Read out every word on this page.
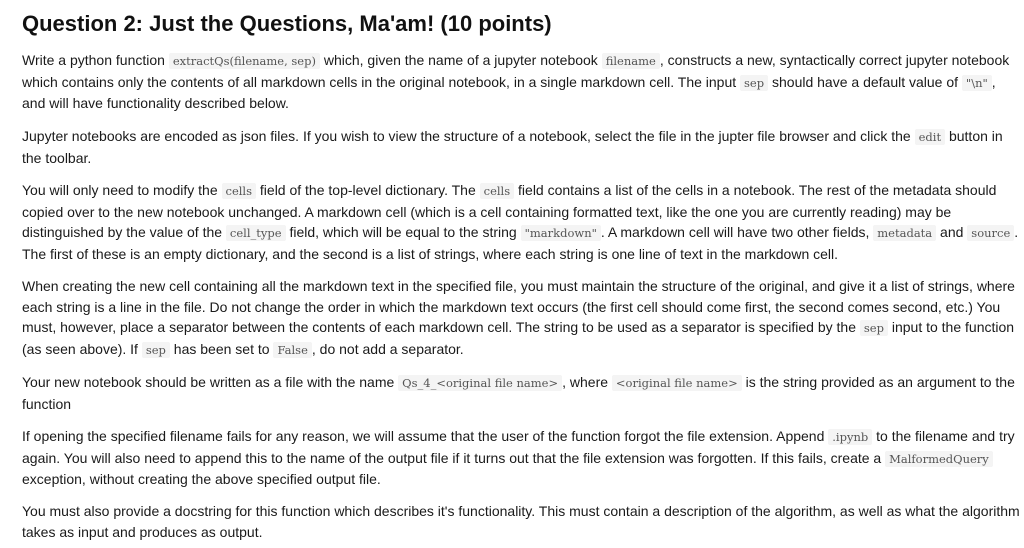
Question 2: Just the Questions, Ma'am! (10 points)

Write a python function extractQs(filename, sep) which, given the name of a jupyter notebook filename , constructs a new, syntactically correct jupyter notebook which contains only the contents of all markdown cells in the original notebook, in a single markdown cell. The input sep should have a default value of "\n" , and will have functionality described below.

Jupyter notebooks are encoded as json files. If you wish to view the structure of a notebook, select the file in the jupter file browser and click the edit button in the toolbar.

You will only need to modify the cells field of the top-level dictionary. The cells field contains a list of the cells in a notebook. The rest of the metadata should copied over to the new notebook unchanged. A markdown cell (which is a cell containing formatted text, like the one you are currently reading) may be distinguished by the value of the cell_type field, which will be equal to the string "markdown" . A markdown cell will have two other fields, metadata and source . The first of these is an empty dictionary, and the second is a list of strings, where each string is one line of text in the markdown cell.

When creating the new cell containing all the markdown text in the specified file, you must maintain the structure of the original, and give it a list of strings, where each string is a line in the file. Do not change the order in which the markdown text occurs (the first cell should come first, the second comes second, etc.) You must, however, place a separator between the contents of each markdown cell. The string to be used as a separator is specified by the sep input to the function (as seen above). If sep has been set to False , do not add a separator.

Your new notebook should be written as a file with the name Qs_4_<original file name> , where <original file name> is the string provided as an argument to the function

If opening the specified filename fails for any reason, we will assume that the user of the function forgot the file extension. Append .ipynb to the filename and try again. You will also need to append this to the name of the output file if it turns out that the file extension was forgotten. If this fails, create a MalformedQuery exception, without creating the above specified output file.

You must also provide a docstring for this function which describes it's functionality. This must contain a description of the algorithm, as well as what the algorithm takes as input and produces as output.
